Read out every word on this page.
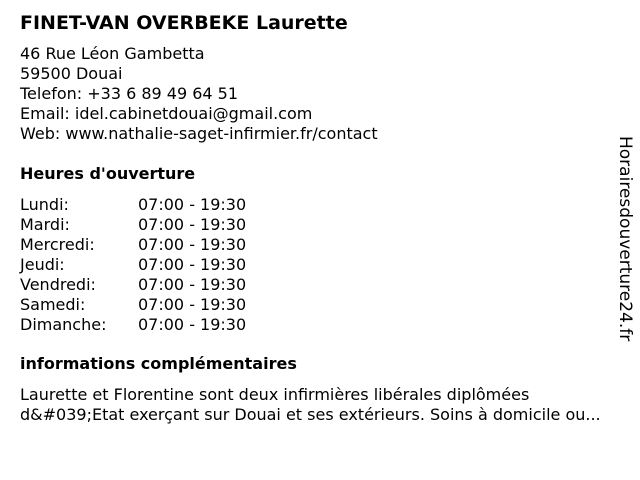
FINET-VAN OVERBEKE Laurette
46 Rue Léon Gambetta
59500 Douai
Telefon: +33 6 89 49 64 51
Email: idel.cabinetdouai@gmail.com
Web: www.nathalie-saget-infirmier.fr/contact
Heures d'ouverture
Lundi:	07:00 - 19:30
Mardi:	07:00 - 19:30
Mercredi:	07:00 - 19:30
Jeudi:	07:00 - 19:30
Vendredi:	07:00 - 19:30
Samedi:	07:00 - 19:30
Dimanche:	07:00 - 19:30
informations complémentaires
Laurette et Florentine sont deux infirmières libérales diplômées d&#039;Etat exerçant sur Douai et ses extérieurs. Soins à domicile ou...
Horairesdouverture24.fr
